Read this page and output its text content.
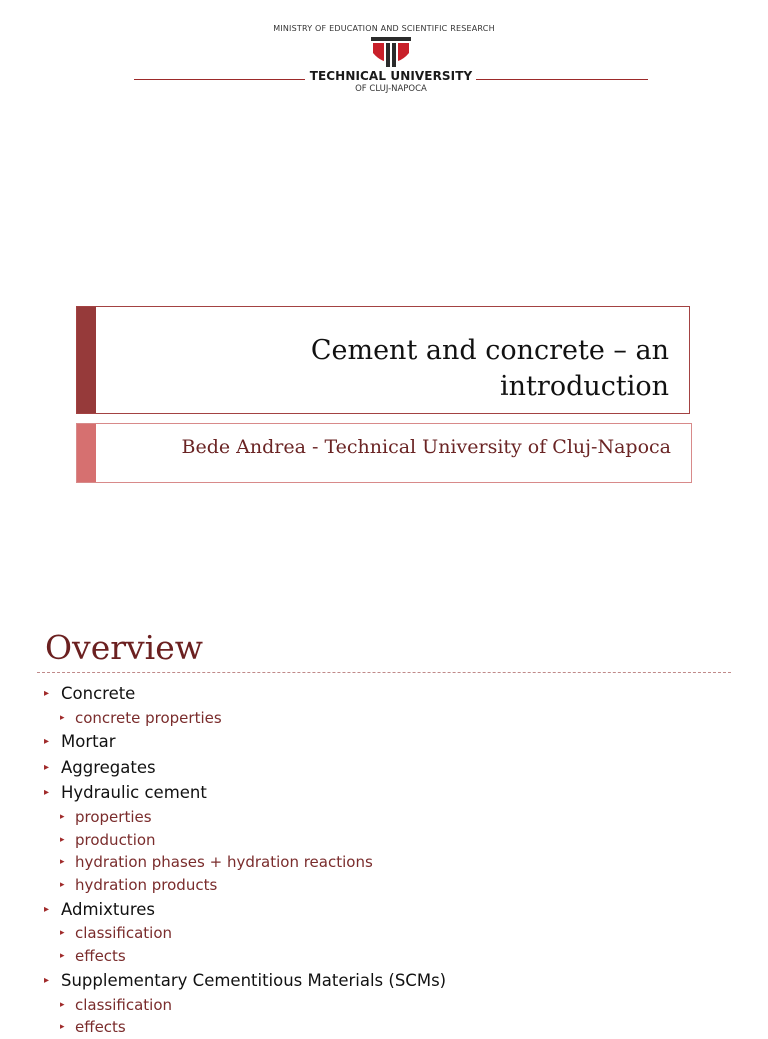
MINISTRY OF EDUCATION AND SCIENTIFIC RESEARCH
TECHNICAL UNIVERSITY
OF CLUJ-NAPOCA
Cement and concrete – an
introduction
Bede Andrea - Technical University of Cluj-Napoca
Overview
▸ Concrete
▸ concrete properties
▸ Mortar
▸ Aggregates
▸ Hydraulic cement
▸ properties
▸ production
▸ hydration phases + hydration reactions
▸ hydration products
▸ Admixtures
▸ classification
▸ effects
▸ Supplementary Cementitious Materials (SCMs)
▸ classification
▸ effects
